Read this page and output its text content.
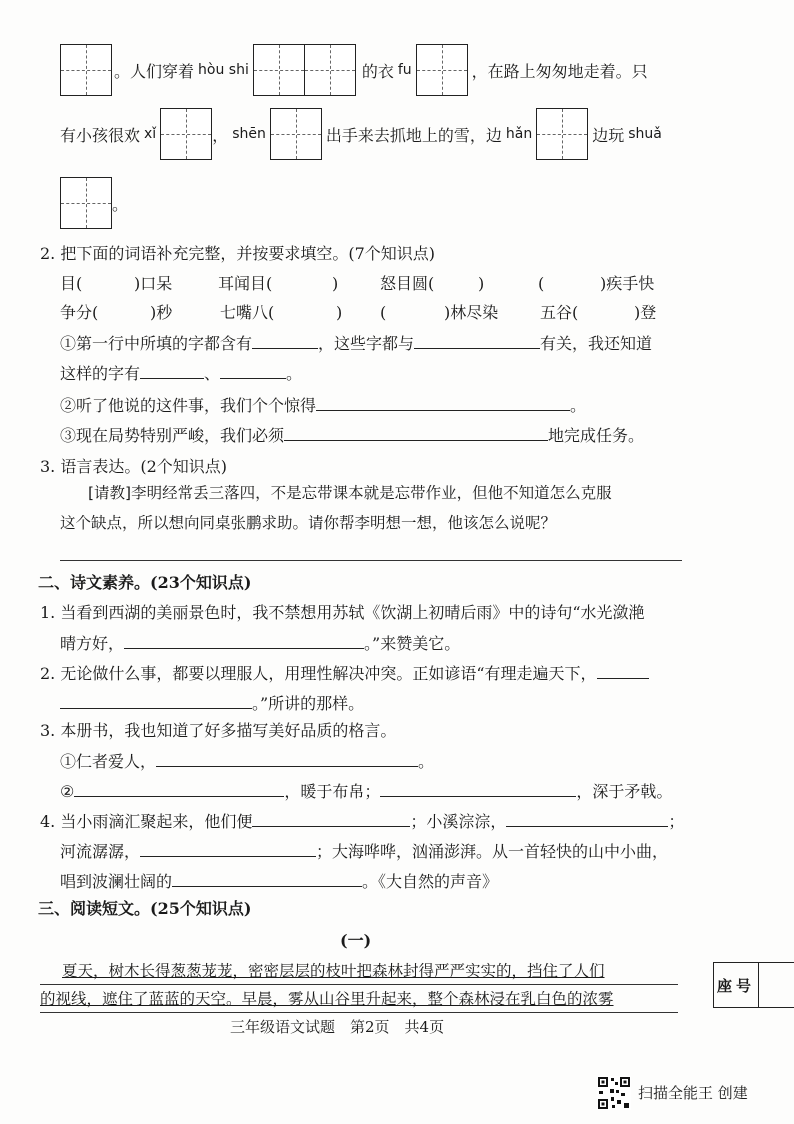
。人们穿着 hòu shi	的衣 fu	，在路上匆匆地走着。只
有小孩很欢 xǐ	， shēn	出手来去抓地上的雪，边 hǎn	边玩 shuǎ
。
2. 把下面的词语补充完整，并按要求填空。(7个知识点)
目(	)口呆	耳闻目(	)	怒目圆(	)	(	)疾手快
争分(	)秒	七嘴八(	) (	)林尽染	五谷(	)登
①第一行中所填的字都含有	，这些字都与	有关，我还知道
这样的字有	、	。
②听了他说的这件事，我们个个惊得	。
③现在局势特别严峻，我们必须	地完成任务。
3. 语言表达。(2个知识点)
[请教]李明经常丢三落四，不是忘带课本就是忘带作业，但他不知道怎么克服
这个缺点，所以想向同桌张鹏求助。请你帮李明想一想，他该怎么说呢？
二、诗文素养。(23个知识点)
1. 当看到西湖的美丽景色时，我不禁想用苏轼《饮湖上初晴后雨》中的诗句“水光潋滟
晴方好，	。”来赞美它。
2. 无论做什么事，都要以理服人，用理性解决冲突。正如谚语“有理走遍天下，
。”所讲的那样。
3. 本册书，我也知道了好多描写美好品质的格言。
①仁者爱人，	。
②	，暖于布帛；	，深于矛戟。
4. 当小雨滴汇聚起来，他们便	；小溪淙淙，	；
河流潺潺，	；大海哗哗，汹涌澎湃。从一首轻快的山中小曲，
唱到波澜壮阔的	。《大自然的声音》
三、阅读短文。(25个知识点)
(一)
夏天，树木长得葱葱茏茏，密密层层的枝叶把森林封得严严实实的，挡住了人们
的视线，遮住了蓝蓝的天空。早晨，雾从山谷里升起来，整个森林浸在乳白色的浓雾
座号
三年级语文试题　第2页　共4页
扫描全能王 创建
